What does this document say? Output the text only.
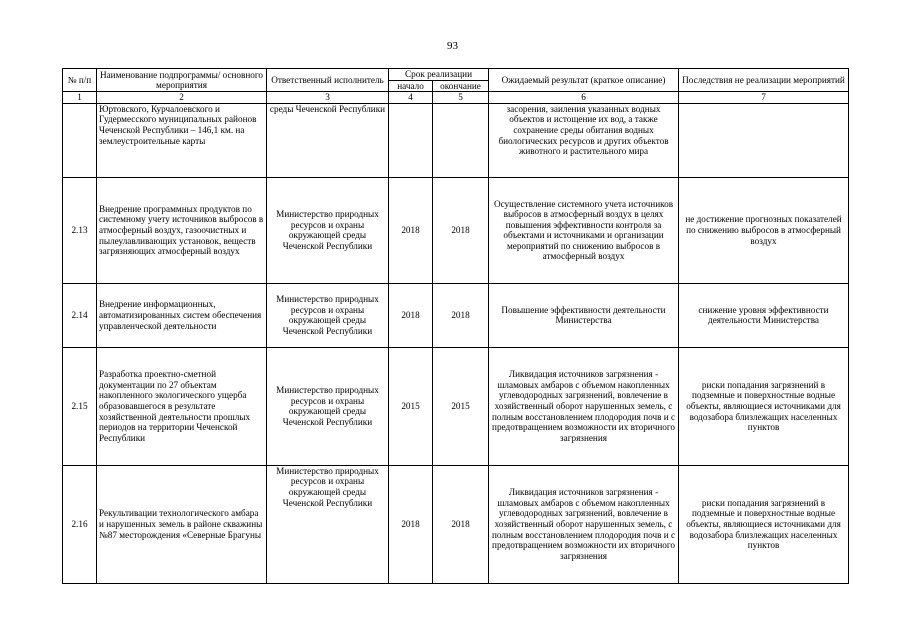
93
№ п/п	Наименование подпрограммы/ основного мероприятия	Ответственный исполнитель	Срок реализации		Ожидаемый результат (краткое описание)	Последствия не реализации мероприятий
			начало	окончание		
1	2	3	4	5	6	7
	Юртовского, Курчалоевского и Гудермесского муниципальных районов Чеченской Республики – 146,1 км. на землеустроительные карты	среды Чеченской Республики			засорения, заиления указанных водных объектов и истощение их вод, а также сохранение среды обитания водных биологических ресурсов и других объектов животного и растительного мира	
2.13	Внедрение программных продуктов по системному учету источников выбросов в атмосферный воздух, газоочистных и пылеулавливающих установок, веществ загрязняющих атмосферный воздух	Министерство природных ресурсов и охраны окружающей среды Чеченской Республики	2018	2018	Осуществление системного учета источников выбросов в атмосферный воздух в целях повышения эффективности контроля за объектами и источниками и организации мероприятий по снижению выбросов в атмосферный воздух	не достижение прогнозных показателей по снижению выбросов в атмосферный воздух
2.14	Внедрение информационных, автоматизированных систем обеспечения управленческой деятельности	Министерство природных ресурсов и охраны окружающей среды Чеченской Республики	2018	2018	Повышение эффективности деятельности Министерства	снижение уровня эффективности деятельности Министерства
2.15	Разработка проектно-сметной документации по 27 объектам накопленного экологического ущерба образовавшегося в результате хозяйственной деятельности прошлых периодов на территории Чеченской Республики	Министерство природных ресурсов и охраны окружающей среды Чеченской Республики	2015	2015	Ликвидация источников загрязнения - шламовых амбаров с объемом накопленных углеводородных загрязнений, вовлечение в хозяйственный оборот нарушенных земель, с полным восстановлением плодородия почв и с предотвращением возможности их вторичного загрязнения	риски попадания загрязнений в подземные и поверхностные водные объекты, являющиеся источниками для водозабора близлежащих населенных пунктов
2.16	Рекультивации технологического амбара и нарушенных земель в районе скважины №87 месторождения «Северные Брагуны	Министерство природных ресурсов и охраны окружающей среды Чеченской Республики	2018	2018	Ликвидация источников загрязнения - шламовых амбаров с объемом накопленных углеводородных загрязнений, вовлечение в хозяйственный оборот нарушенных земель, с полным восстановлением плодородия почв и с предотвращением возможности их вторичного загрязнения	риски попадания загрязнений в подземные и поверхностные водные объекты, являющиеся источниками для водозабора близлежащих населенных пунктов
